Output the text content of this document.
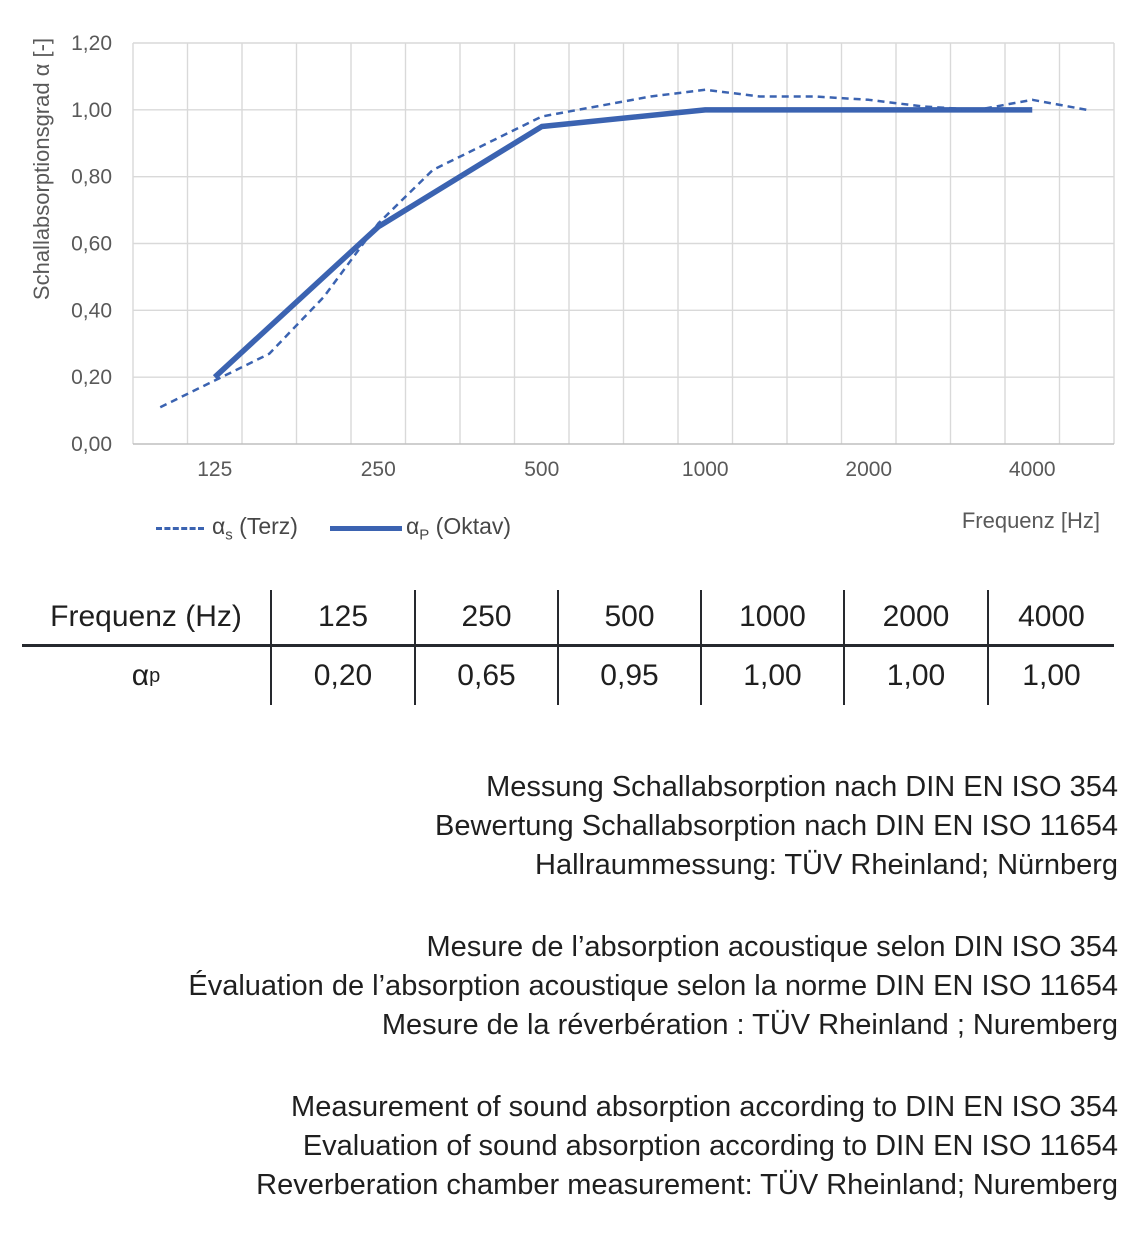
Schallabsorptionsgrad α [-]
0,00
0,20
0,40
0,60
0,80
1,00
1,20
125	250	500	1000	2000	4000
$\alpha_s$ (Terz)	$\alpha_P$ (Oktav)	Frequenz [Hz]
Frequenz (Hz)	125	250	500	1000	2000	4000
α p	0,20	0,65	0,95	1,00	1,00	1,00
Messung Schallabsorption nach DIN EN ISO 354
Bewertung Schallabsorption nach DIN EN ISO 11654
Hallraummessung: TÜV Rheinland; Nürnberg
Mesure de l’absorption acoustique selon DIN ISO 354
Évaluation de l’absorption acoustique selon la norme DIN EN ISO 11654
Mesure de la réverbération : TÜV Rheinland ; Nuremberg
Measurement of sound absorption according to DIN EN ISO 354
Evaluation of sound absorption according to DIN EN ISO 11654
Reverberation chamber measurement: TÜV Rheinland; Nuremberg
